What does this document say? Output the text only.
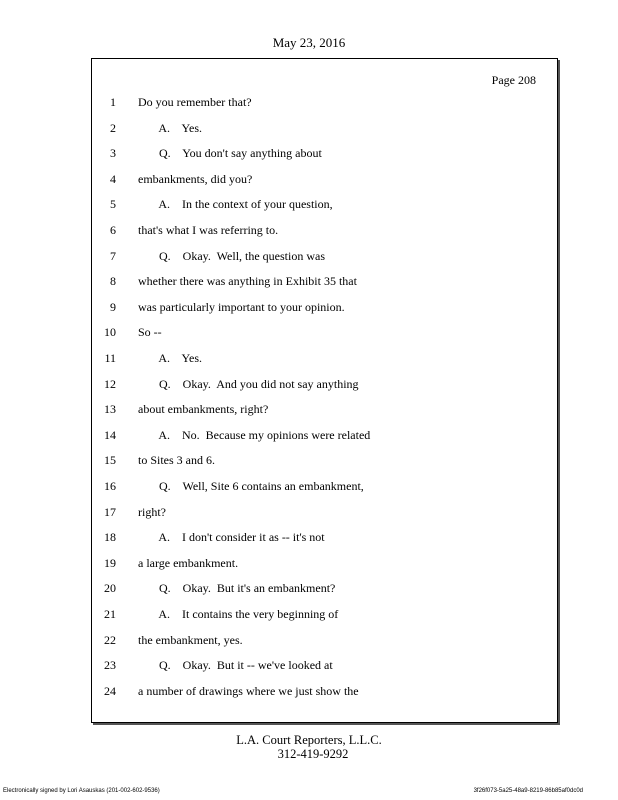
May 23, 2016
Page 208
1 Do you remember that?
2 A.    Yes.
3 Q.    You don't say anything about
4 embankments, did you?
5 A.    In the context of your question,
6 that's what I was referring to.
7 Q.    Okay.  Well, the question was
8 whether there was anything in Exhibit 35 that
9 was particularly important to your opinion.
10 So --
11 A.    Yes.
12 Q.    Okay.  And you did not say anything
13 about embankments, right?
14 A.    No.  Because my opinions were related
15 to Sites 3 and 6.
16 Q.    Well, Site 6 contains an embankment,
17 right?
18 A.    I don't consider it as -- it's not
19 a large embankment.
20 Q.    Okay.  But it's an embankment?
21 A.    It contains the very beginning of
22 the embankment, yes.
23 Q.    Okay.  But it -- we've looked at
24 a number of drawings where we just show the
L.A. Court Reporters, L.L.C.
312-419-9292
Electronically signed by Lori Asauskas (201-002-602-9536)	3f26f073-5a25-48a9-8219-86b85af0dc0d
